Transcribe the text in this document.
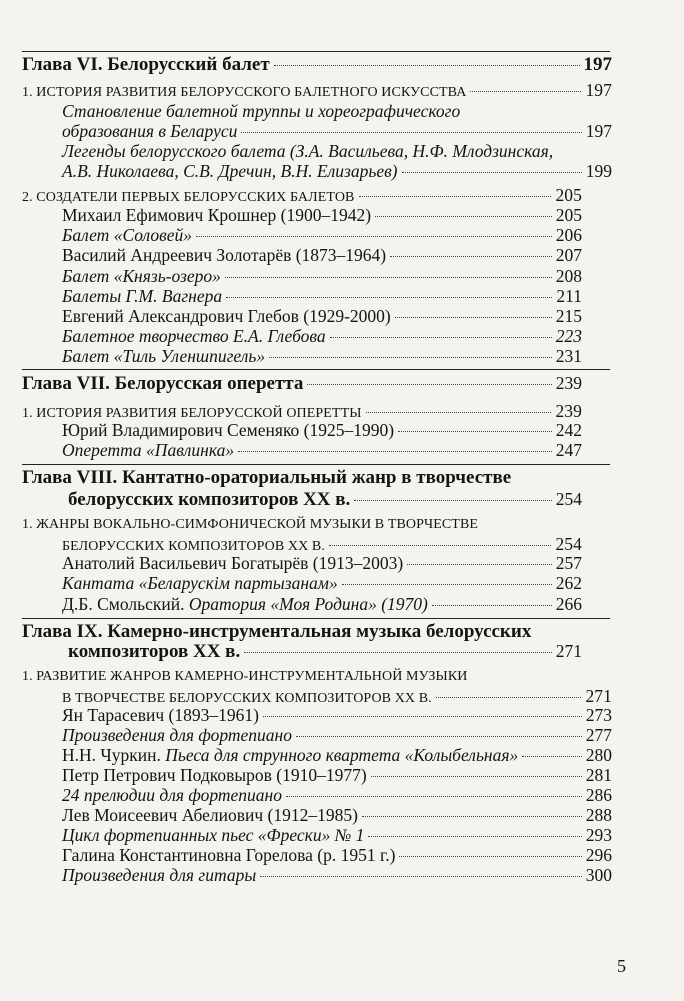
Глава VI. Белорусский балет	197
1. ИСТОРИЯ РАЗВИТИЯ БЕЛОРУССКОГО БАЛЕТНОГО ИСКУССТВА	197
Становление балетной труппы и хореографического
образования в Беларуси	197
Легенды белорусского балета (З.А. Васильева, Н.Ф. Млодзинская,
А.В. Николаева, С.В. Дречин, В.Н. Елизарьев)	199
2. СОЗДАТЕЛИ ПЕРВЫХ БЕЛОРУССКИХ БАЛЕТОВ	205
Михаил Ефимович Крошнер (1900–1942)	205
Балет «Соловей»	206
Василий Андреевич Золотарёв (1873–1964)	207
Балет «Князь-озеро»	208
Балеты Г.М. Вагнера	211
Евгений Александрович Глебов (1929-2000)	215
Балетное творчество Е.А. Глебова	223
Балет «Тиль Уленшпигель»	231
Глава VII. Белорусская оперетта	239
1. ИСТОРИЯ РАЗВИТИЯ БЕЛОРУССКОЙ ОПЕРЕТТЫ	239
Юрий Владимирович Семеняко (1925–1990)	242
Оперетта «Павлинка»	247
Глава VIII. Кантатно-ораториальный жанр в творчестве
белорусских композиторов XX в.	254
1. ЖАНРЫ ВОКАЛЬНО-СИМФОНИЧЕСКОЙ МУЗЫКИ В ТВОРЧЕСТВЕ
БЕЛОРУССКИХ КОМПОЗИТОРОВ XX В.	254
Анатолий Васильевич Богатырёв (1913–2003)	257
Кантата «Беларускім партызанам»	262
Д.Б. Смольский.
Оратория «Моя Родина» (1970)	266
Глава IX. Камерно-инструментальная музыка белорусских
композиторов XX в.	271
1. РАЗВИТИЕ ЖАНРОВ КАМЕРНО-ИНСТРУМЕНТАЛЬНОЙ МУЗЫКИ
В ТВОРЧЕСТВЕ БЕЛОРУССКИХ КОМПОЗИТОРОВ XX В.	271
Ян Тарасевич (1893–1961)	273
Произведения для фортепиано	277
Н.Н. Чуркин.
Пьеса для струнного квартета «Колыбельная»	280
Петр Петрович Подковыров (1910–1977)	281
24 прелюдии для фортепиано	286
Лев Моисеевич Абелиович (1912–1985)	288
Цикл фортепианных пьес «Фрески» № 1	293
Галина Константиновна Горелова (р. 1951 г.)	296
Произведения для гитары	300
5
